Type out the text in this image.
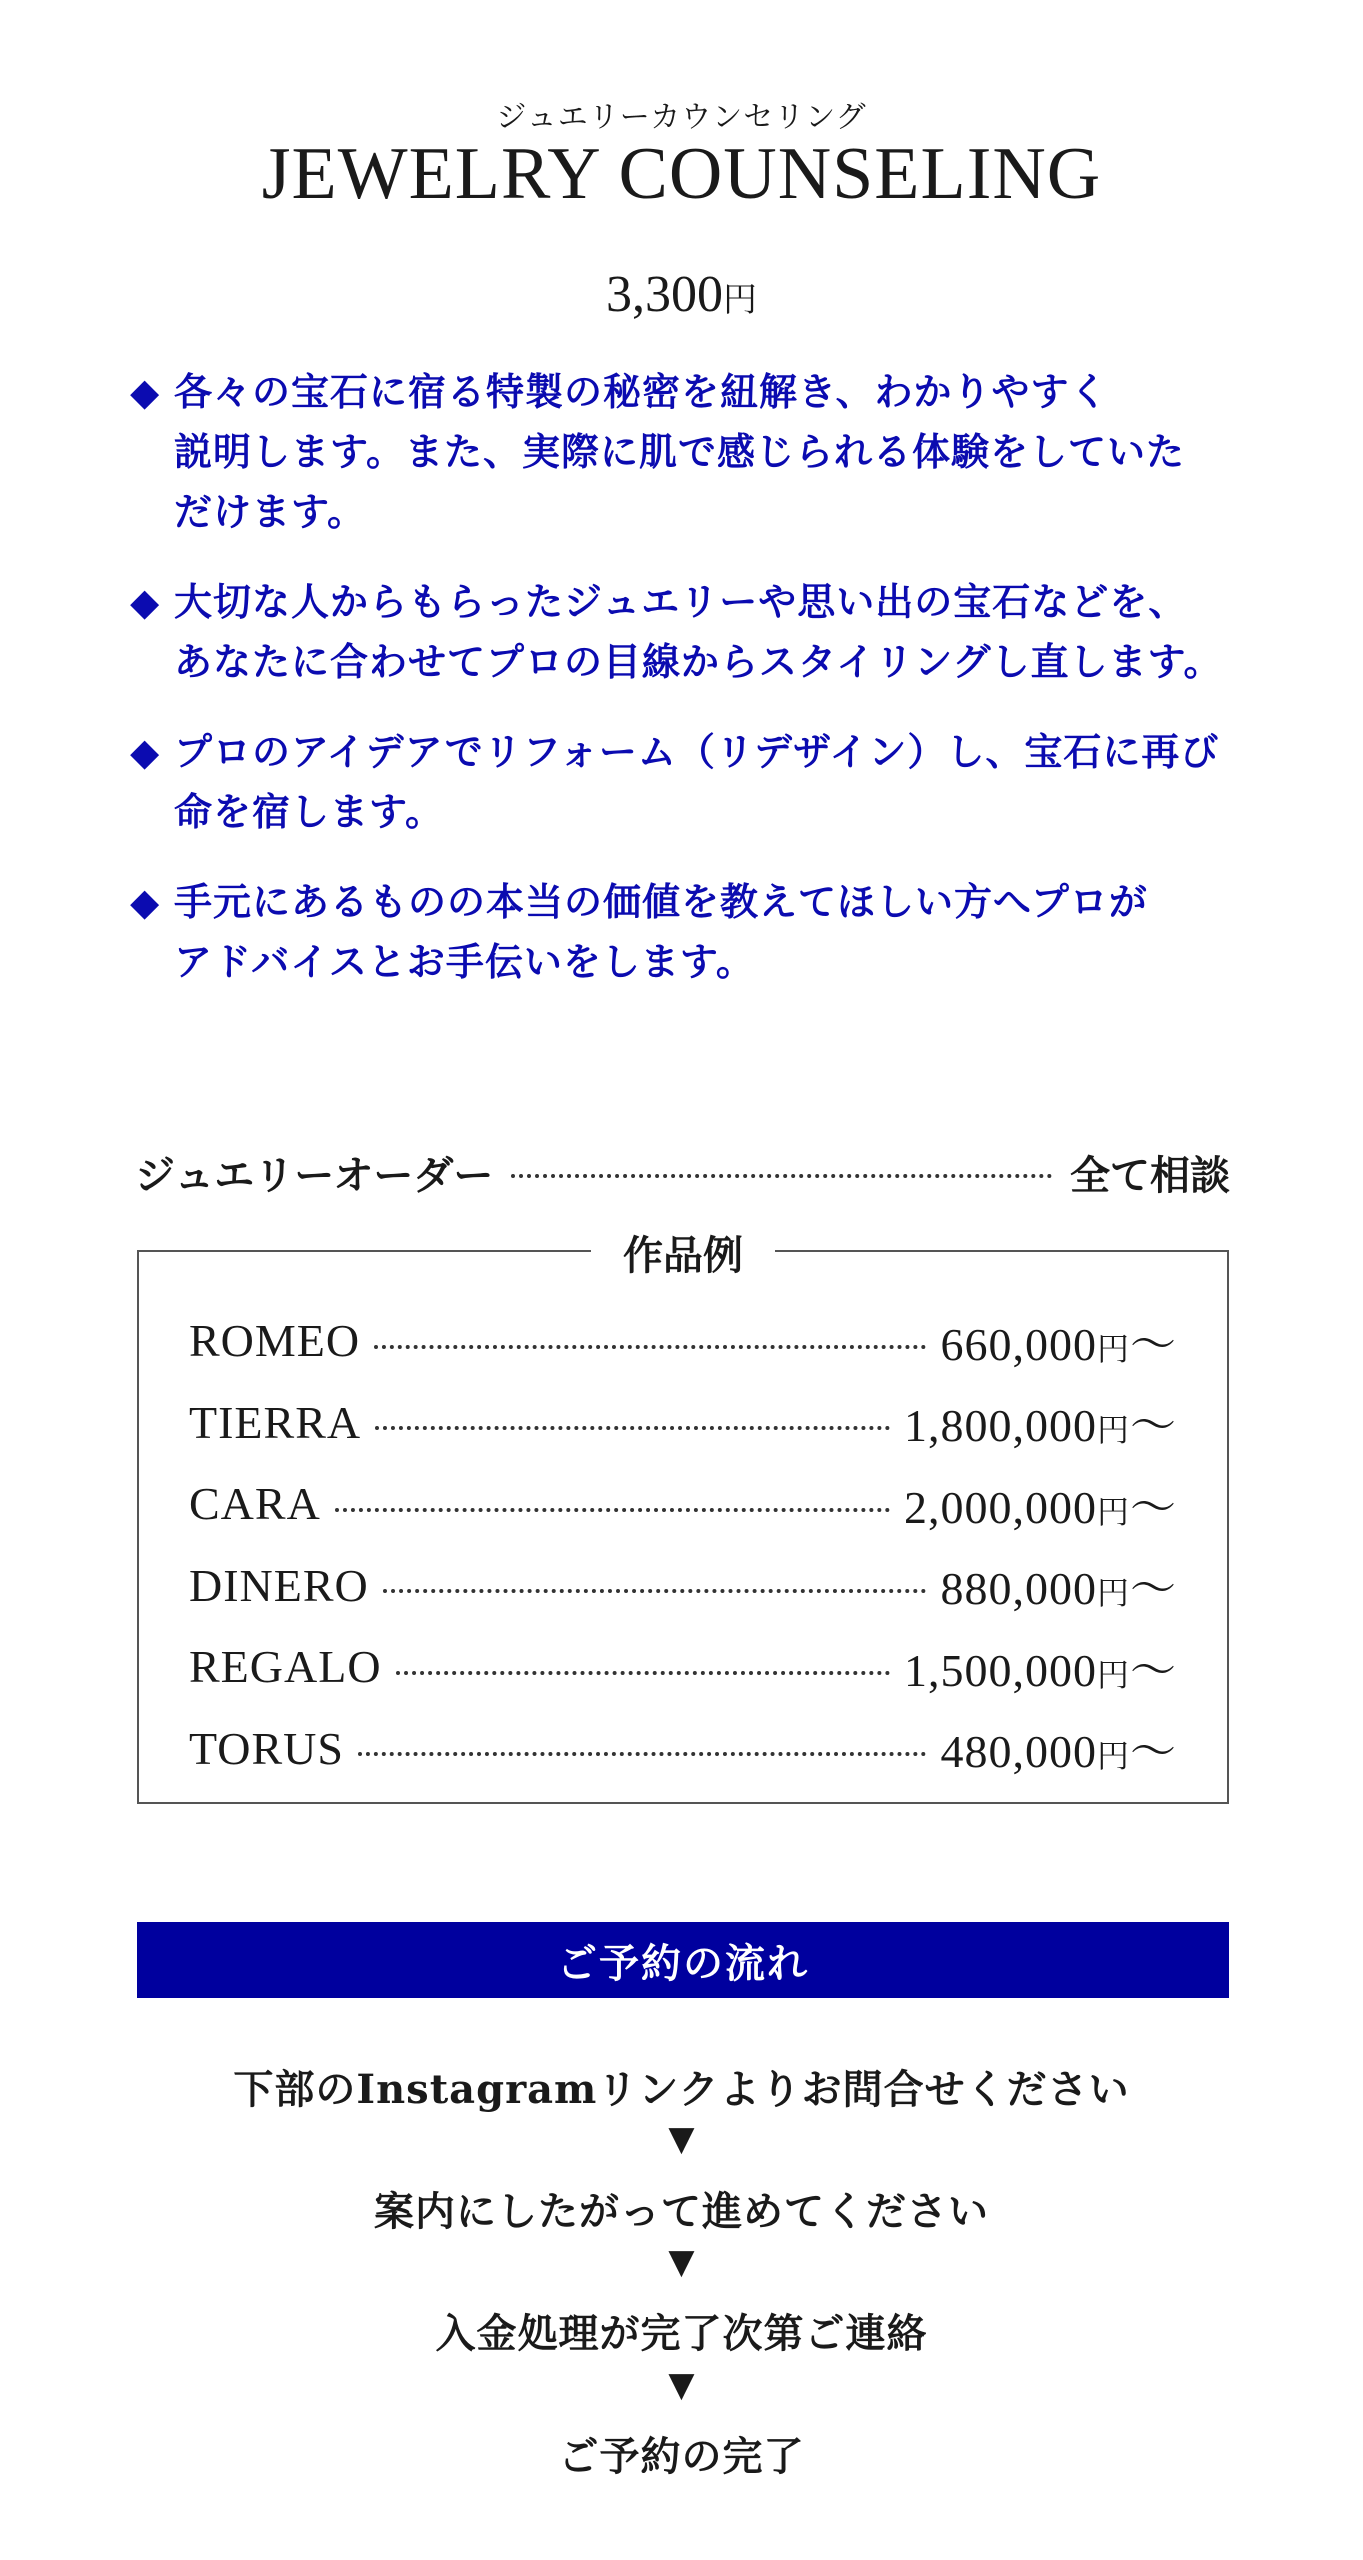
ジュエリーカウンセリング
JEWELRY COUNSELING
3,300円
◆ 各々の宝石に宿る特製の秘密を紐解き、わかりやすく
説明します。また、実際に肌で感じられる体験をしていた
だけます。
◆ 大切な人からもらったジュエリーや思い出の宝石などを、
あなたに合わせてプロの目線からスタイリングし直します。
◆ プロのアイデアでリフォーム（リデザイン）し、宝石に再び
命を宿します。
◆ 手元にあるものの本当の価値を教えてほしい方へプロが
アドバイスとお手伝いをします。
ジュエリーオーダー	全て相談
作品例
ROMEO	660,000円〜
TIERRA	1,800,000円〜
CARA	2,000,000円〜
DINERO	880,000円〜
REGALO	1,500,000円〜
TORUS	480,000円〜
ご予約の流れ
下部のInstagramリンクよりお問合せください
▼
案内にしたがって進めてください
▼
入金処理が完了次第ご連絡
▼
ご予約の完了
